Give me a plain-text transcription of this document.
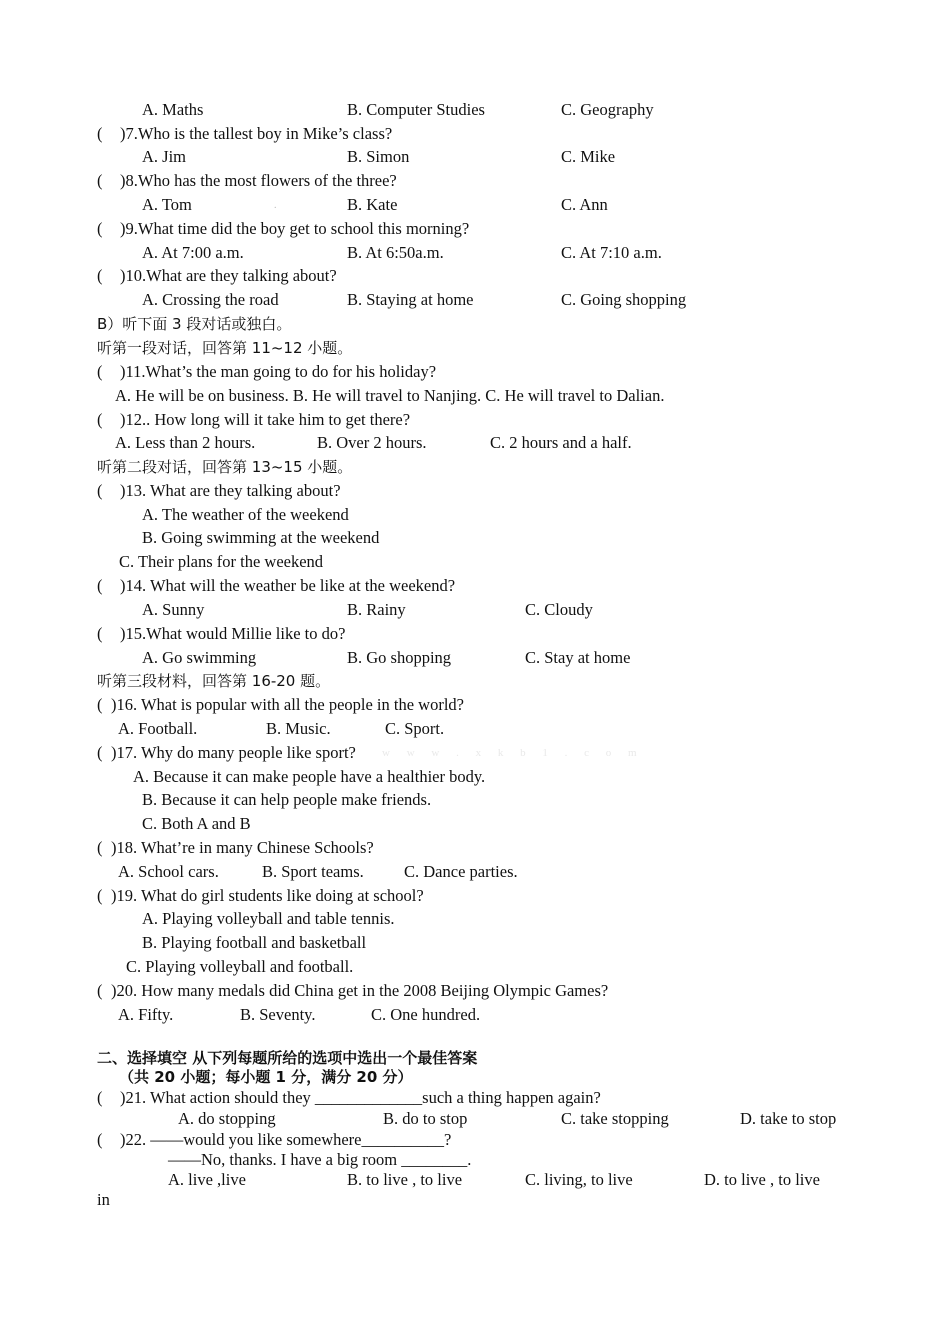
A. Maths	B. Computer Studies	C. Geography
( )7.Who is the tallest boy in Mike’s class?
A. Jim	B. Simon	C. Mike
( )8.Who has the most flowers of the three?
A. Tom	.	B. Kate	C. Ann
( )9.What time did the boy get to school this morning?
A. At 7:00 a.m.	B. At 6:50a.m.	C. At 7:10 a.m.
( )10.What are they talking about?
A. Crossing the road	B. Staying at home	C. Going shopping
B）听下面 3 段对话或独白。
听第一段对话，回答第 11~12 小题。
( )11.What’s the man going to do for his holiday?
A. He will be on business. B. He will travel to Nanjing. C. He will travel to Dalian.
( )12.. How long will it take him to get there?
A. Less than 2 hours.	B. Over 2 hours.	C. 2 hours and a half.
听第二段对话，回答第 13~15 小题。
( )13. What are they talking about?
A. The weather of the weekend
B. Going swimming at the weekend
C. Their plans for the weekend
( )14. What will the weather be like at the weekend?
A. Sunny	B. Rainy	C. Cloudy
( )15.What would Millie like to do?
A. Go swimming	B. Go shopping	C. Stay at home
听第三段材料，回答第 16-20 题。
( )16. What is popular with all the people in the world?
A. Football.	B. Music.	C. Sport.
( )17. Why do many people like sport? w w w . x k b 1 . c o m
A. Because it can make people have a healthier body.
B. Because it can help people make friends.
C. Both A and B
( )18. What’re in many Chinese Schools?
A. School cars.	B. Sport teams. C. Dance parties.
( )19. What do girl students like doing at school?
A. Playing volleyball and table tennis.
B. Playing football and basketball
C. Playing volleyball and football.
( )20. How many medals did China get in the 2008 Beijing Olympic Games?
A. Fifty.	B. Seventy.	C. One hundred.
二、选择填空 从下列每题所给的选项中选出一个最佳答案
（共 20 小题；每小题 1 分，满分 20 分）
( )21. What action should they _____________such a thing happen again?
A. do stopping	B. do to stop	C. take stopping	D. take to stop
( )22. ——would you like somewhere__________?
——No, thanks. I have a big room ________.
A. live ,live	B. to live , to live	C. living, to live	D. to live , to live
in
